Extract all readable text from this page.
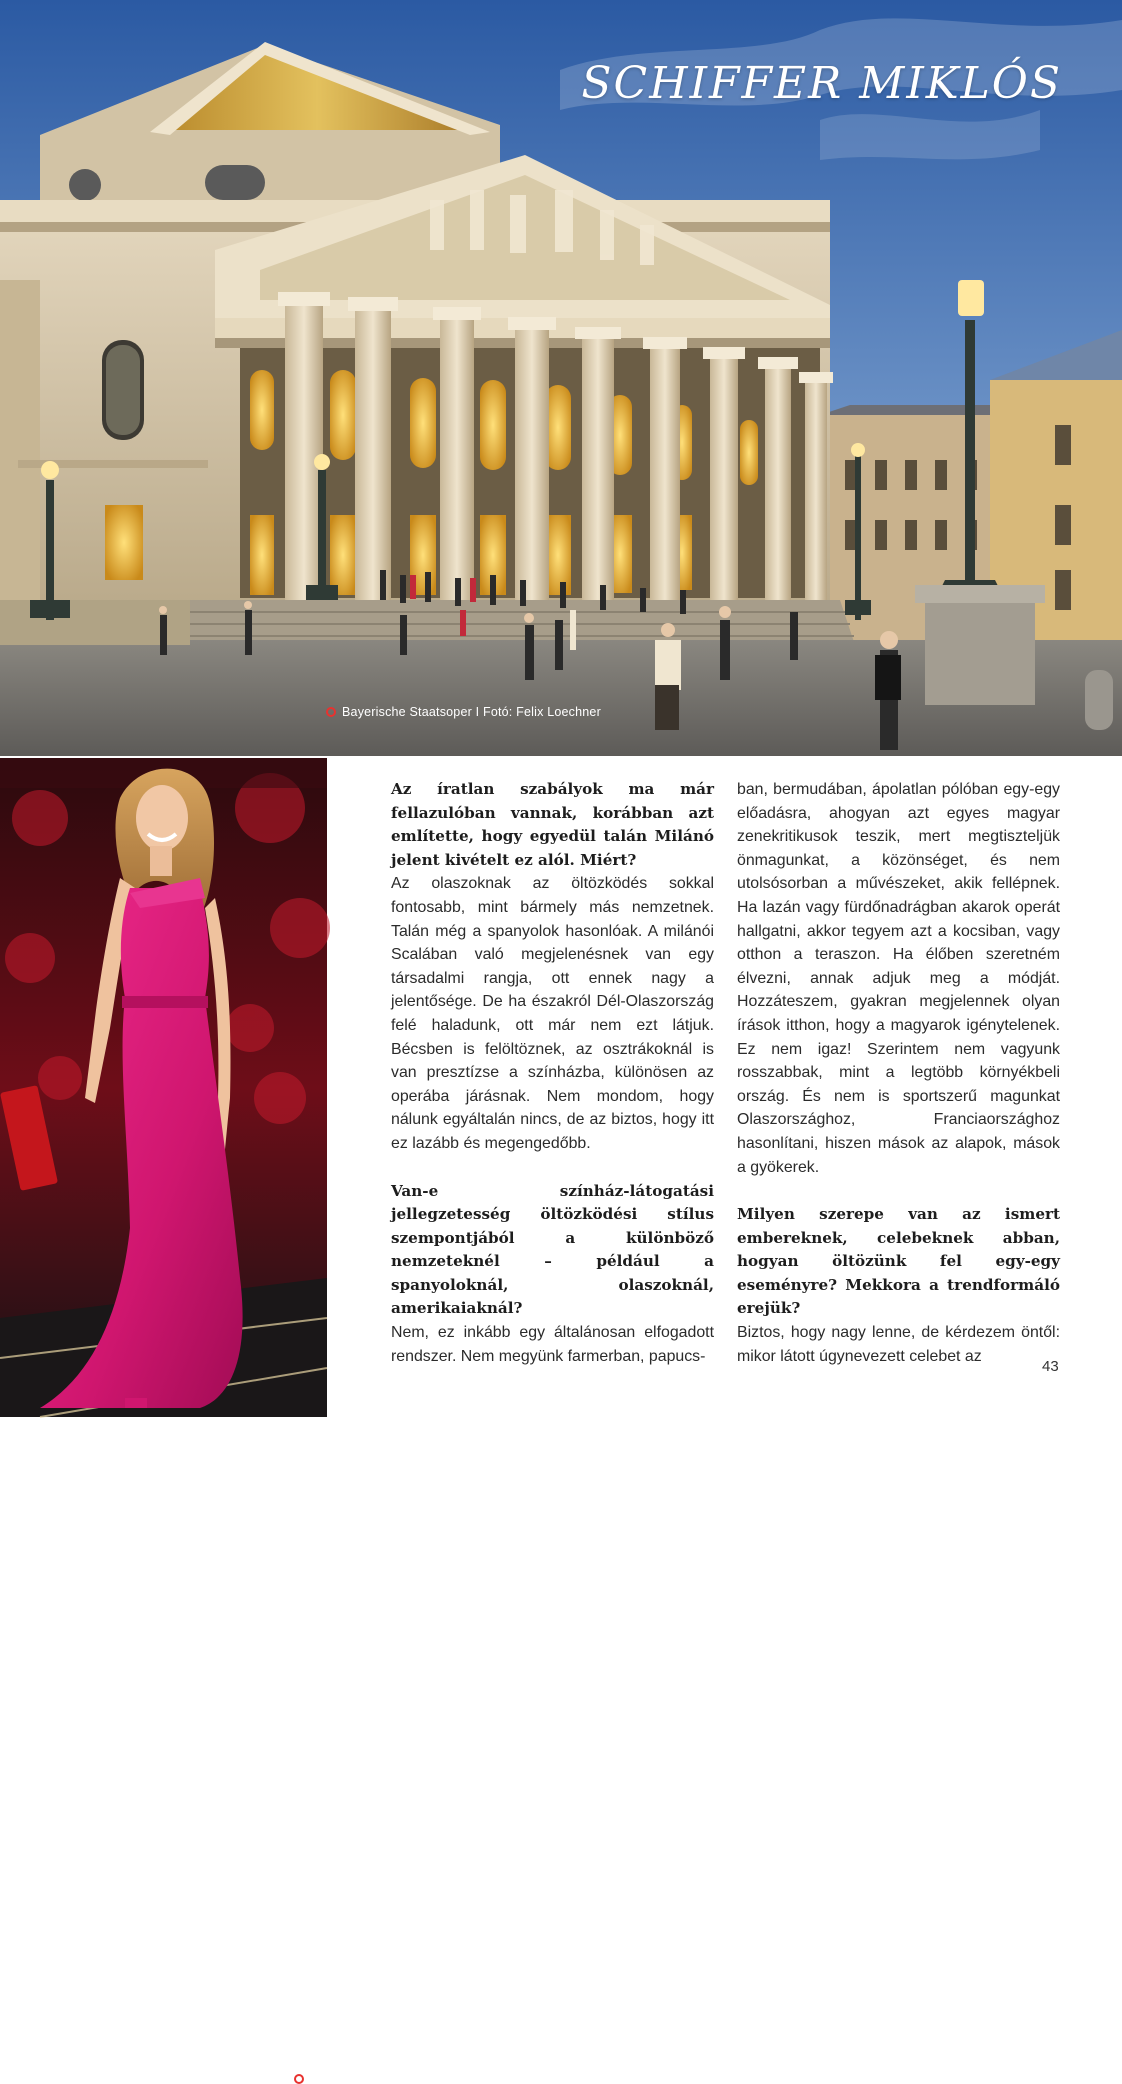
SCHIFFER MIKLÓS
Bayerische Staatsoper I Fotó: Felix Loechner
Julia Roberts I Fotó: Aaron Poole A.M.P.A.S

Az íratlan szabályok ma már fellazulóban vannak, korábban azt említette, hogy egyedül talán Milánó jelent kivételt ez alól. Miért?

Az olaszoknak az öltözködés sokkal fontosabb, mint bármely más nemzetnek. Talán még a spanyolok hasonlóak. A milánói Scalában való megjelenésnek van egy társadalmi rangja, ott ennek nagy a jelentősége. De ha északról Dél-Olaszország felé haladunk, ott már nem ezt látjuk. Bécsben is felöltöznek, az osztrákoknál is van presztízse a színházba, különösen az operába járásnak. Nem mondom, hogy nálunk egyáltalán nincs, de az biztos, hogy itt ez lazább és megengedőbb.

Van-e színház-látogatási jellegzetesség öltözködési stílus szempontjából a különböző nemzeteknél – például a spanyoloknál, olaszoknál, amerikaiaknál?

Nem, ez inkább egy általánosan elfogadott rendszer. Nem megyünk farmerban, papucs-

ban, bermudában, ápolatlan pólóban egy-egy előadásra, ahogyan azt egyes magyar zenekritikusok teszik, mert megtiszteljük önmagunkat, a közönséget, és nem utolsósorban a művészeket, akik fellépnek. Ha lazán vagy fürdőnadrágban akarok operát hallgatni, akkor tegyem azt a kocsiban, vagy otthon a teraszon. Ha élőben szeretném élvezni, annak adjuk meg a módját. Hozzáteszem, gyakran megjelennek olyan írások itthon, hogy a magyarok igénytelenek. Ez nem igaz! Szerintem nem vagyunk rosszabbak, mint a legtöbb környékbeli ország. És nem is sportszerű magunkat Olaszországhoz, Franciaországhoz hasonlítani, hiszen mások az alapok, mások a gyökerek.

Milyen szerepe van az ismert embereknek, celebeknek abban, hogyan öltözünk fel egy-egy eseményre? Mekkora a trendformáló erejük?

Biztos, hogy nagy lenne, de kérdezem öntől: mikor látott úgynevezett celebet az

43
